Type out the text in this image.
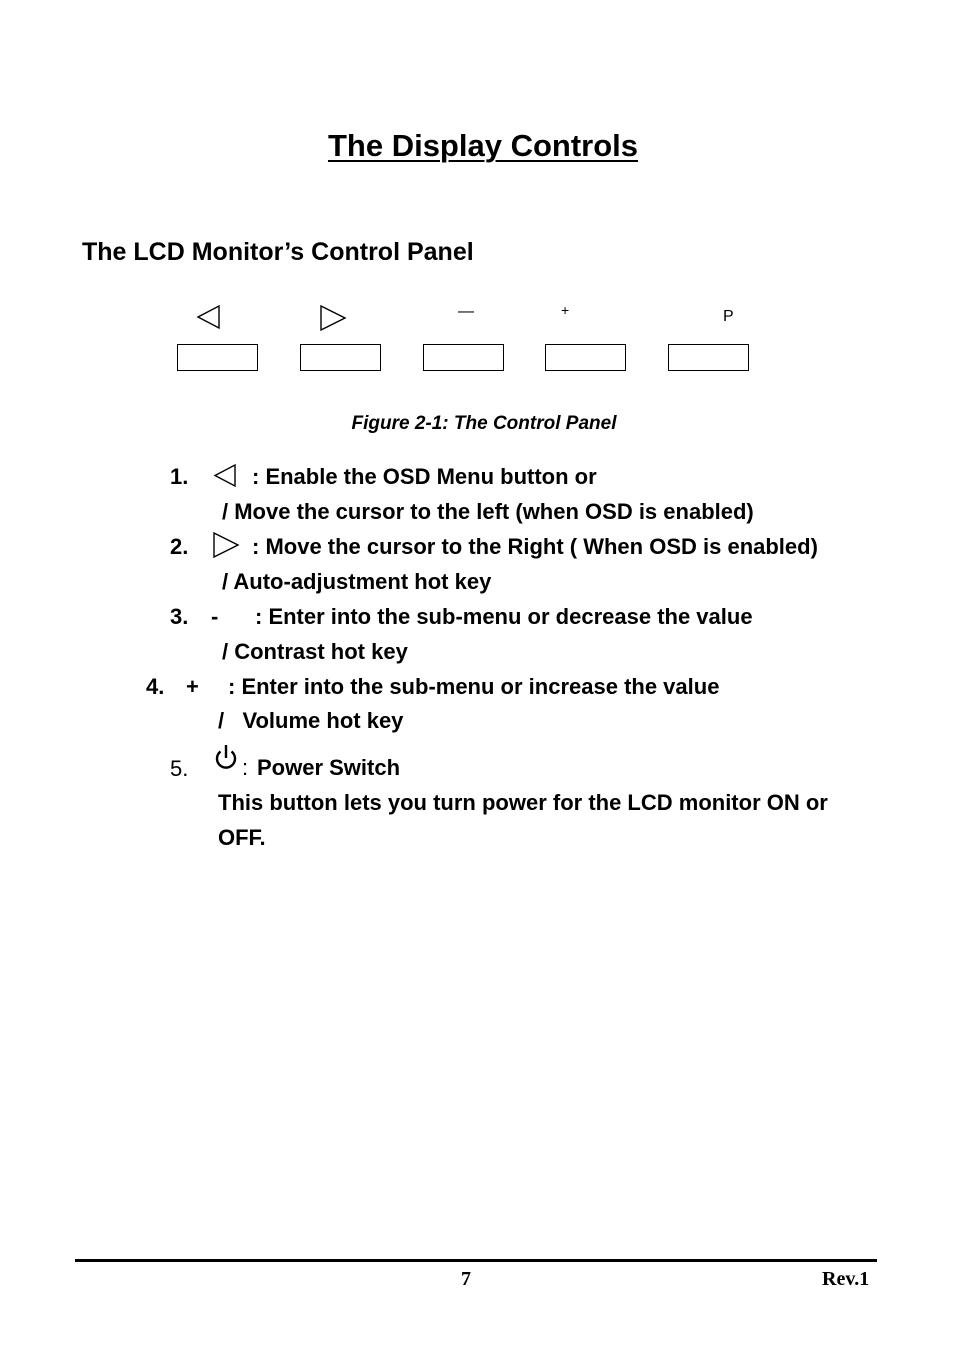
The Display Controls
The LCD Monitor’s Control Panel
—	+	P
Figure 2-1: The Control Panel
1.	: Enable the OSD Menu button or
/ Move the cursor to the left (when OSD is enabled)
2.	: Move the cursor to the Right ( When OSD is enabled)
/ Auto-adjustment hot key
3. - : Enter into the sub-menu or decrease the value
/ Contrast hot key
4. + : Enter into the sub-menu or increase the value
/   Volume hot key
5. : Power Switch
This button lets you turn power for the LCD monitor ON or
OFF.
7	Rev.1
